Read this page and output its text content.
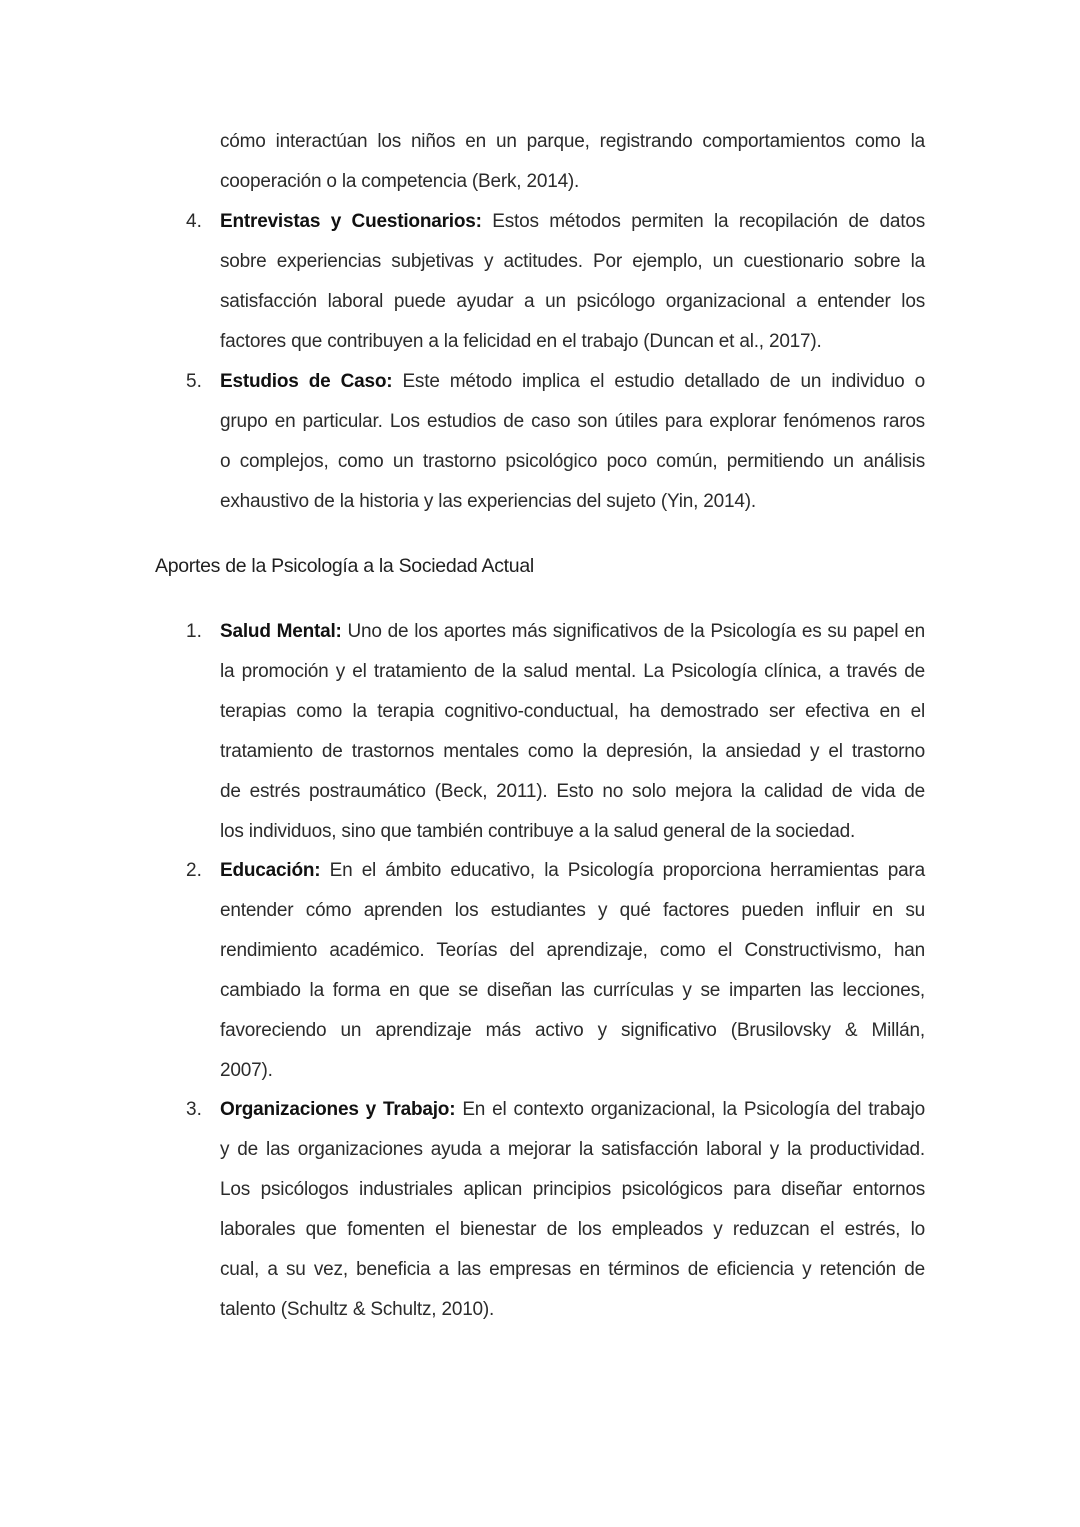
cómo interactúan los niños en un parque, registrando comportamientos como la
cooperación o la competencia (Berk, 2014).
4. Entrevistas y Cuestionarios: Estos métodos permiten la recopilación de datos
sobre experiencias subjetivas y actitudes. Por ejemplo, un cuestionario sobre la
satisfacción laboral puede ayudar a un psicólogo organizacional a entender los
factores que contribuyen a la felicidad en el trabajo (Duncan et al., 2017).
5. Estudios de Caso: Este método implica el estudio detallado de un individuo o
grupo en particular. Los estudios de caso son útiles para explorar fenómenos raros
o complejos, como un trastorno psicológico poco común, permitiendo un análisis
exhaustivo de la historia y las experiencias del sujeto (Yin, 2014).
Aportes de la Psicología a la Sociedad Actual
1. Salud Mental: Uno de los aportes más significativos de la Psicología es su papel en
la promoción y el tratamiento de la salud mental. La Psicología clínica, a través de
terapias como la terapia cognitivo-conductual, ha demostrado ser efectiva en el
tratamiento de trastornos mentales como la depresión, la ansiedad y el trastorno
de estrés postraumático (Beck, 2011). Esto no solo mejora la calidad de vida de
los individuos, sino que también contribuye a la salud general de la sociedad.
2. Educación: En el ámbito educativo, la Psicología proporciona herramientas para
entender cómo aprenden los estudiantes y qué factores pueden influir en su
rendimiento académico. Teorías del aprendizaje, como el Constructivismo, han
cambiado la forma en que se diseñan las currículas y se imparten las lecciones,
favoreciendo un aprendizaje más activo y significativo (Brusilovsky & Millán,
2007).
3. Organizaciones y Trabajo: En el contexto organizacional, la Psicología del trabajo
y de las organizaciones ayuda a mejorar la satisfacción laboral y la productividad.
Los psicólogos industriales aplican principios psicológicos para diseñar entornos
laborales que fomenten el bienestar de los empleados y reduzcan el estrés, lo
cual, a su vez, beneficia a las empresas en términos de eficiencia y retención de
talento (Schultz & Schultz, 2010).
